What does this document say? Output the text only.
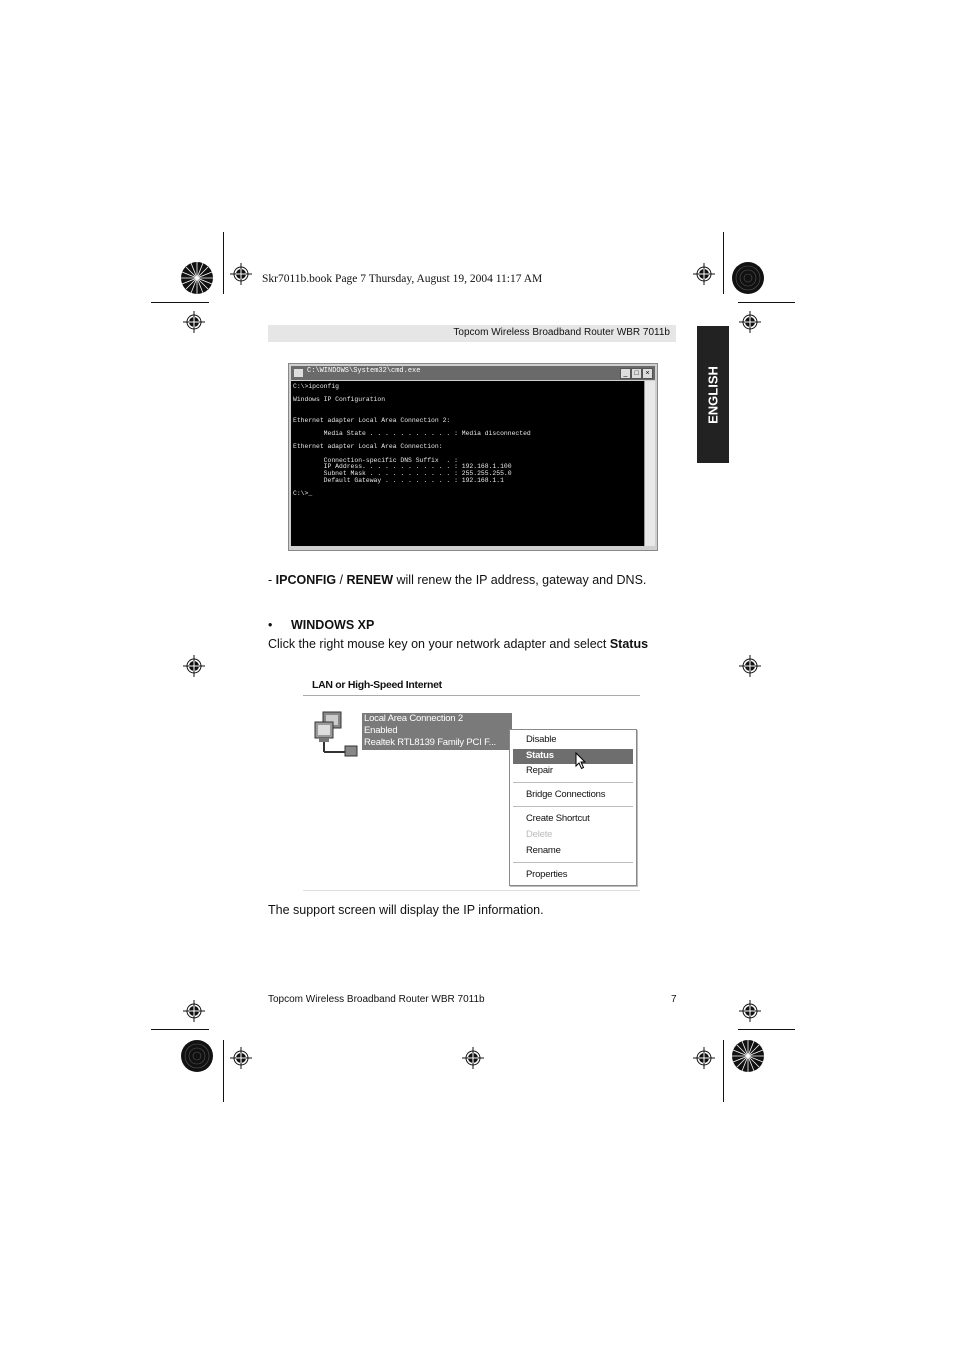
Skr7011b.book Page 7 Thursday, August 19, 2004 11:17 AM
Topcom Wireless Broadband Router WBR 7011b
ENGLISH
C:\WINDOWS\System32\cmd.exe	_ □ ×
C:\>ipconfig

Windows IP Configuration

Ethernet adapter Local Area Connection 2:

Media State . . . . . . . . . . . : Media disconnected

Ethernet adapter Local Area Connection:

Connection-specific DNS Suffix  . :
IP Address. . . . . . . . . . . . : 192.168.1.100
Subnet Mask . . . . . . . . . . . : 255.255.255.0
Default Gateway . . . . . . . . . : 192.168.1.1

C:\>_
- IPCONFIG / RENEW will renew the IP address, gateway and DNS.
• WINDOWS XP
Click the right mouse key on your network adapter and select Status
LAN or High-Speed Internet
Local Area Connection 2
Enabled
Realtek RTL8139 Family PCI F...	Disable
Status
Repair
Bridge Connections
Create Shortcut
Delete
Rename
Properties
The support screen will display the IP information.
Topcom Wireless Broadband Router WBR 7011b	7
